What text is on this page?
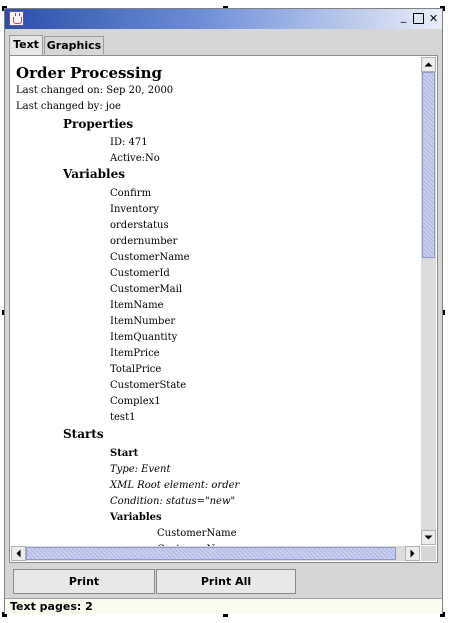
_	✕
Text Graphics
Order Processing
Last changed on: Sep 20, 2000
Last changed by: joe
Properties
ID: 471
Active:No
Variables
Confirm
Inventory
orderstatus
ordernumber
CustomerName
CustomerId
CustomerMail
ItemName
ItemNumber
ItemQuantity
ItemPrice
TotalPrice
CustomerState
Complex1
test1
Starts
Start
Type: Event
XML Root element: order
Condition: status="new"
Variables
CustomerName
Print	Print All
Text pages: 2
